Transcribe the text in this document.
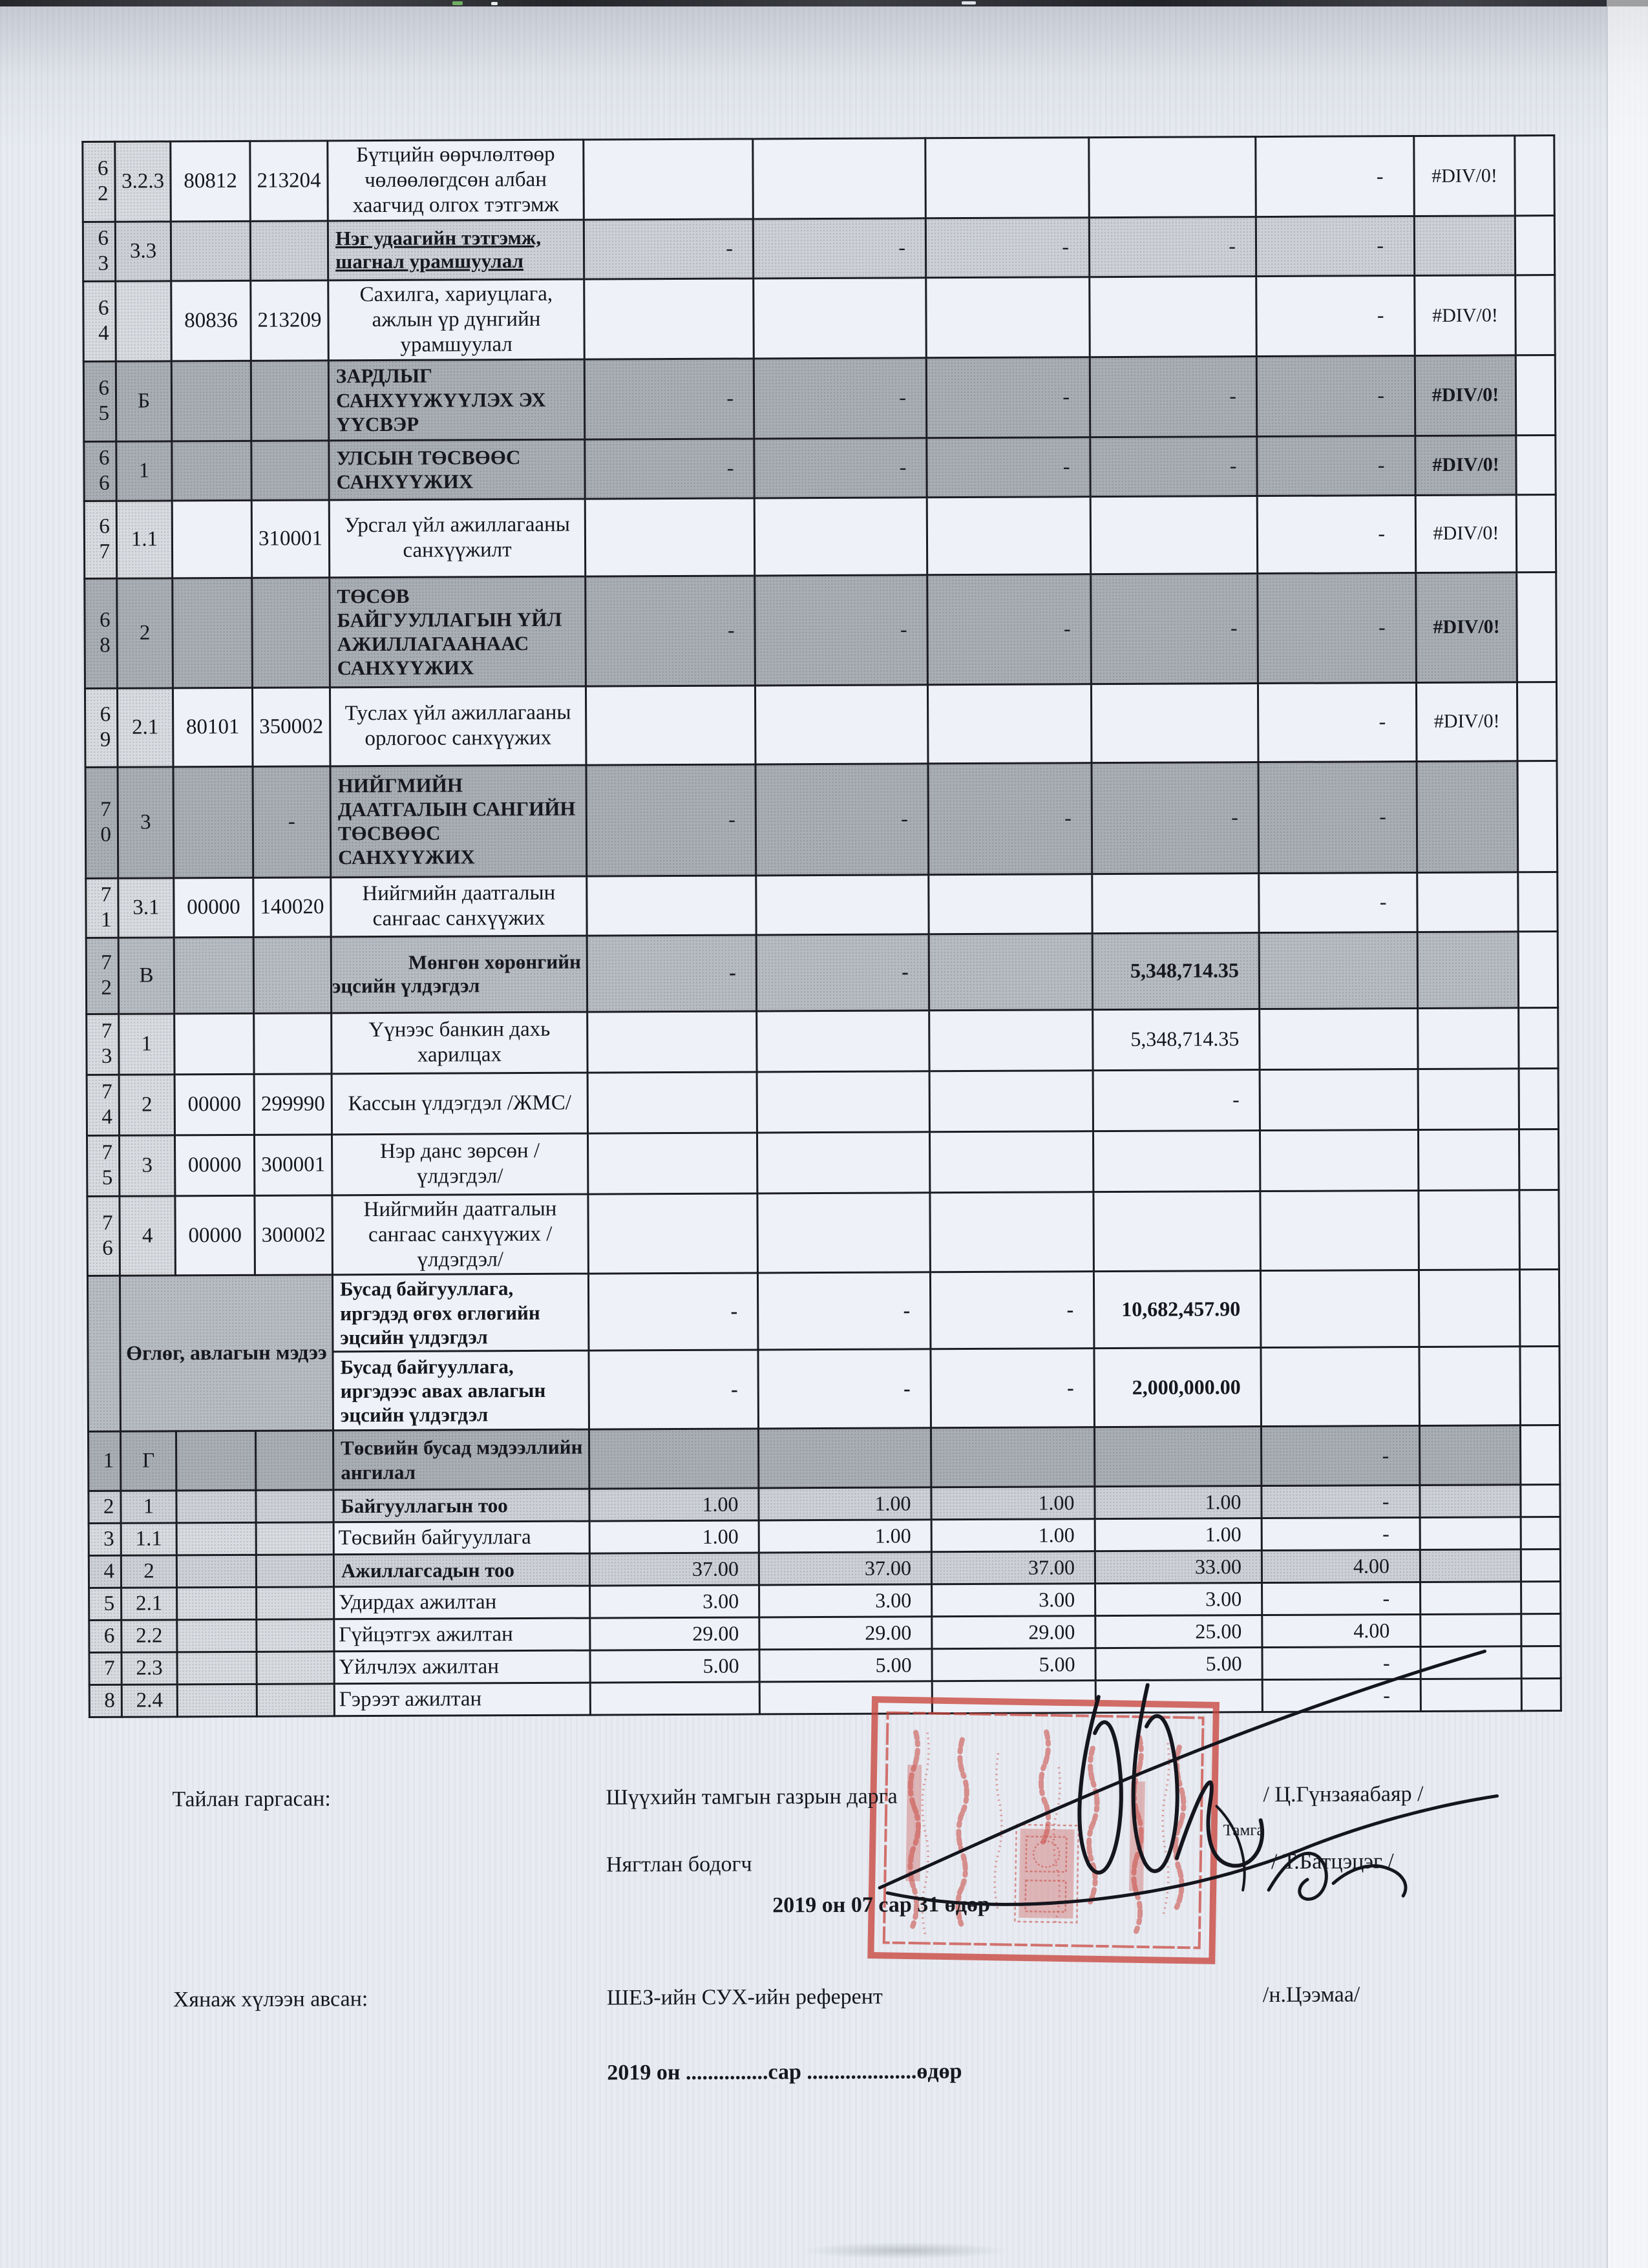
62	3.2.3	80812	213204	Бүтцийн өөрчлөлтөөр чөлөөлөгдсөн албан хаагчид олгох тэтгэмж					-	#DIV/0!	
63	3.3			Нэг удаагийн тэтгэмж, шагнал урамшуулал	-	-	-	-	-		
64		80836	213209	Сахилга, хариуцлага, ажлын үр дүнгийн урамшуулал					-	#DIV/0!	
65	Б			ЗАРДЛЫГ САНХҮҮЖҮҮЛЭХ ЭХ ҮҮСВЭР	-	-	-	-	-	#DIV/0!	
66	1			УЛСЫН ТӨСВӨӨС САНХҮҮЖИХ	-	-	-	-	-	#DIV/0!	
67	1.1		310001	Урсгал үйл ажиллагааны санхүүжилт					-	#DIV/0!	
68	2			ТӨСӨВ БАЙГУУЛЛАГЫН ҮЙЛ АЖИЛЛАГААНААС САНХҮҮЖИХ	-	-	-	-	-	#DIV/0!	
69	2.1	80101	350002	Туслах үйл ажиллагааны орлогоос санхүүжих					-	#DIV/0!	
70	3		-	НИЙГМИЙН ДААТГАЛЫН САНГИЙН ТӨСВӨӨС САНХҮҮЖИХ	-	-	-	-	-		
71	3.1	00000	140020	Нийгмийн даатгалын сангаас санхүүжих					-		
72	В			Мөнгөн хөрөнгийн эцсийн үлдэгдэл	-	-		5,348,714.35			
73	1			Үүнээс банкин дахь харилцах				5,348,714.35			
74	2	00000	299990	Кассын үлдэгдэл /ЖМС/				-			
75	3	00000	300001	Нэр данс зөрсөн /үлдэгдэл/							
76	4	00000	300002	Нийгмийн даатгалын сангаас санхүүжих /үлдэгдэл/							
	Өглөг, авлагын мэдээ			Бусад байгууллага, иргэдэд өгөх өглөгийн эцсийн үлдэгдэл	-	-	-	10,682,457.90			
				Бусад байгууллага, иргэдээс авах авлагын эцсийн үлдэгдэл	-	-	-	2,000,000.00			
1	Г			Төсвийн бусад мэдээллийн ангилал					-		
2	1			Байгууллагын тоо	1.00	1.00	1.00	1.00	-		
3	1.1			Төсвийн байгууллага	1.00	1.00	1.00	1.00	-		
4	2			Ажиллагсадын тоо	37.00	37.00	37.00	33.00	4.00		
5	2.1			Удирдах ажилтан	3.00	3.00	3.00	3.00	-		
6	2.2			Гүйцэтгэх ажилтан	29.00	29.00	29.00	25.00	4.00		
7	2.3			Үйлчлэх ажилтан	5.00	5.00	5.00	5.00	-		
8	2.4			Гэрээт ажилтан					-		
Тайлан гаргасан:	Шүүхийн тамгын газрын дарга	/ Ц.Гүнзаяабаяр /
Тамга
Нягтлан бодогч	/ Т.Батцэцэг /
2019 он 07 сар 31 өдөр
Хянаж хүлээн авсан:	ШЕЗ-ийн СУХ-ийн референт	/н.Цээмаа/
2019 он ...............сар ....................өдөр
